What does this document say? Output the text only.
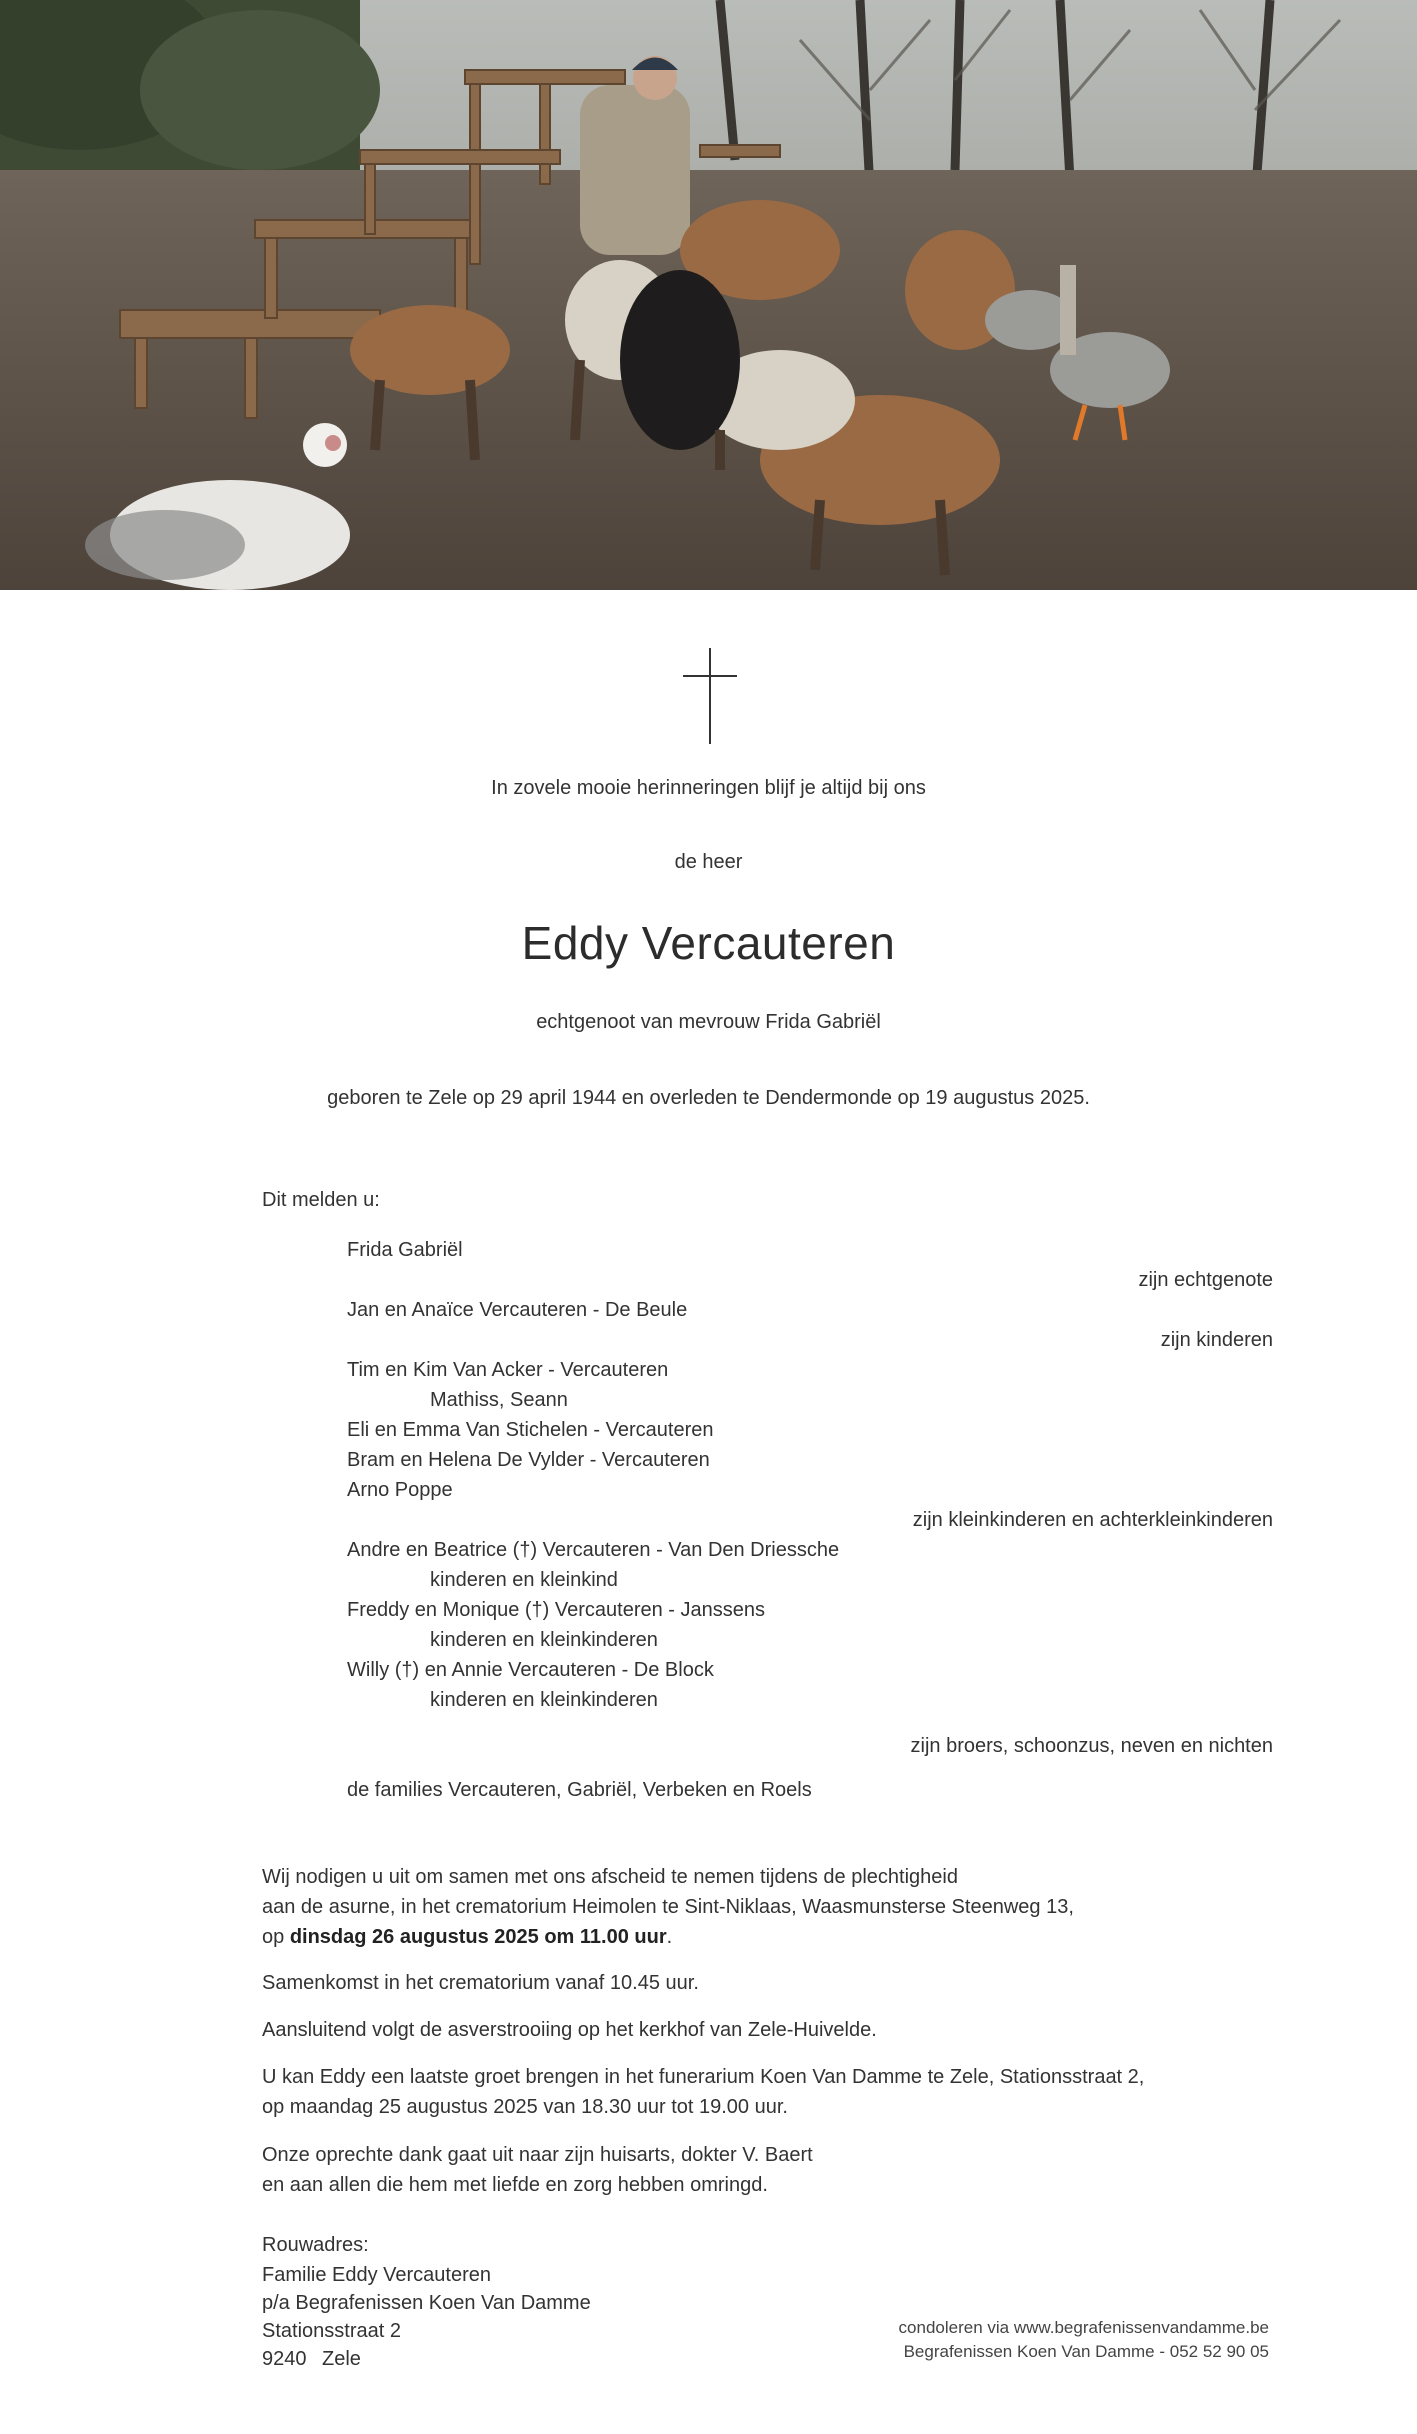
In zovele mooie herinneringen blijf je altijd bij ons
de heer
Eddy Vercauteren
echtgenoot van mevrouw Frida Gabriël
geboren te Zele op 29 april 1944 en overleden te Dendermonde op 19 augustus 2025.
Dit melden u:
Frida Gabriël
zijn echtgenote
Jan en Anaïce Vercauteren - De Beule
zijn kinderen
Tim en Kim Van Acker - Vercauteren
Mathiss, Seann
Eli en Emma Van Stichelen - Vercauteren
Bram en Helena De Vylder - Vercauteren
Arno Poppe
zijn kleinkinderen en achterkleinkinderen
Andre en Beatrice (†) Vercauteren - Van Den Driessche
kinderen en kleinkind
Freddy en Monique (†) Vercauteren - Janssens
kinderen en kleinkinderen
Willy (†) en Annie Vercauteren - De Block
kinderen en kleinkinderen
zijn broers, schoonzus, neven en nichten
de families Vercauteren, Gabriël, Verbeken en Roels
Wij nodigen u uit om samen met ons afscheid te nemen tijdens de plechtigheid
aan de asurne, in het crematorium Heimolen te Sint-Niklaas, Waasmunsterse Steenweg 13,
op dinsdag 26 augustus 2025 om 11.00 uur.
Samenkomst in het crematorium vanaf 10.45 uur.
Aansluitend volgt de asverstrooiing op het kerkhof van Zele-Huivelde.
U kan Eddy een laatste groet brengen in het funerarium Koen Van Damme te Zele, Stationsstraat 2,
op maandag 25 augustus 2025 van 18.30 uur tot 19.00 uur.
Onze oprechte dank gaat uit naar zijn huisarts, dokter V. Baert
en aan allen die hem met liefde en zorg hebben omringd.
Rouwadres:
Familie Eddy Vercauteren
p/a Begrafenissen Koen Van Damme
Stationsstraat 2
9240 Zele
condoleren via www.begrafenissenvandamme.be
Begrafenissen Koen Van Damme - 052 52 90 05
